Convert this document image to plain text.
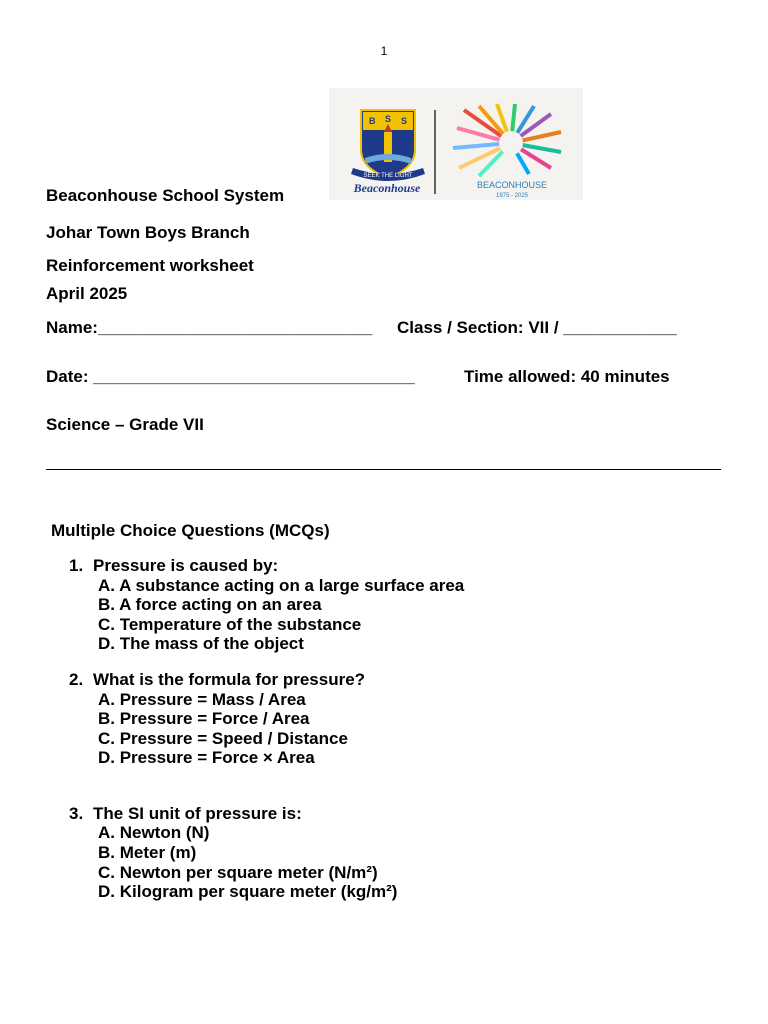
1
B S S
SEEK THE LIGHT
Beaconhouse	BEACONHOUSE
1975 - 2025
Beaconhouse School System
Johar Town Boys Branch
Reinforcement worksheet
April 2025
Name:_____________________________ Class / Section: VII / ____________
Date: __________________________________	Time allowed: 40 minutes
Science – Grade VII
Multiple Choice Questions (MCQs)
1. Pressure is caused by:
A. A substance acting on a large surface area
B. A force acting on an area
C. Temperature of the substance
D. The mass of the object
2. What is the formula for pressure?
A. Pressure = Mass / Area
B. Pressure = Force / Area
C. Pressure = Speed / Distance
D. Pressure = Force × Area
3. The SI unit of pressure is:
A. Newton (N)
B. Meter (m)
C. Newton per square meter (N/m²)
D. Kilogram per square meter (kg/m²)
